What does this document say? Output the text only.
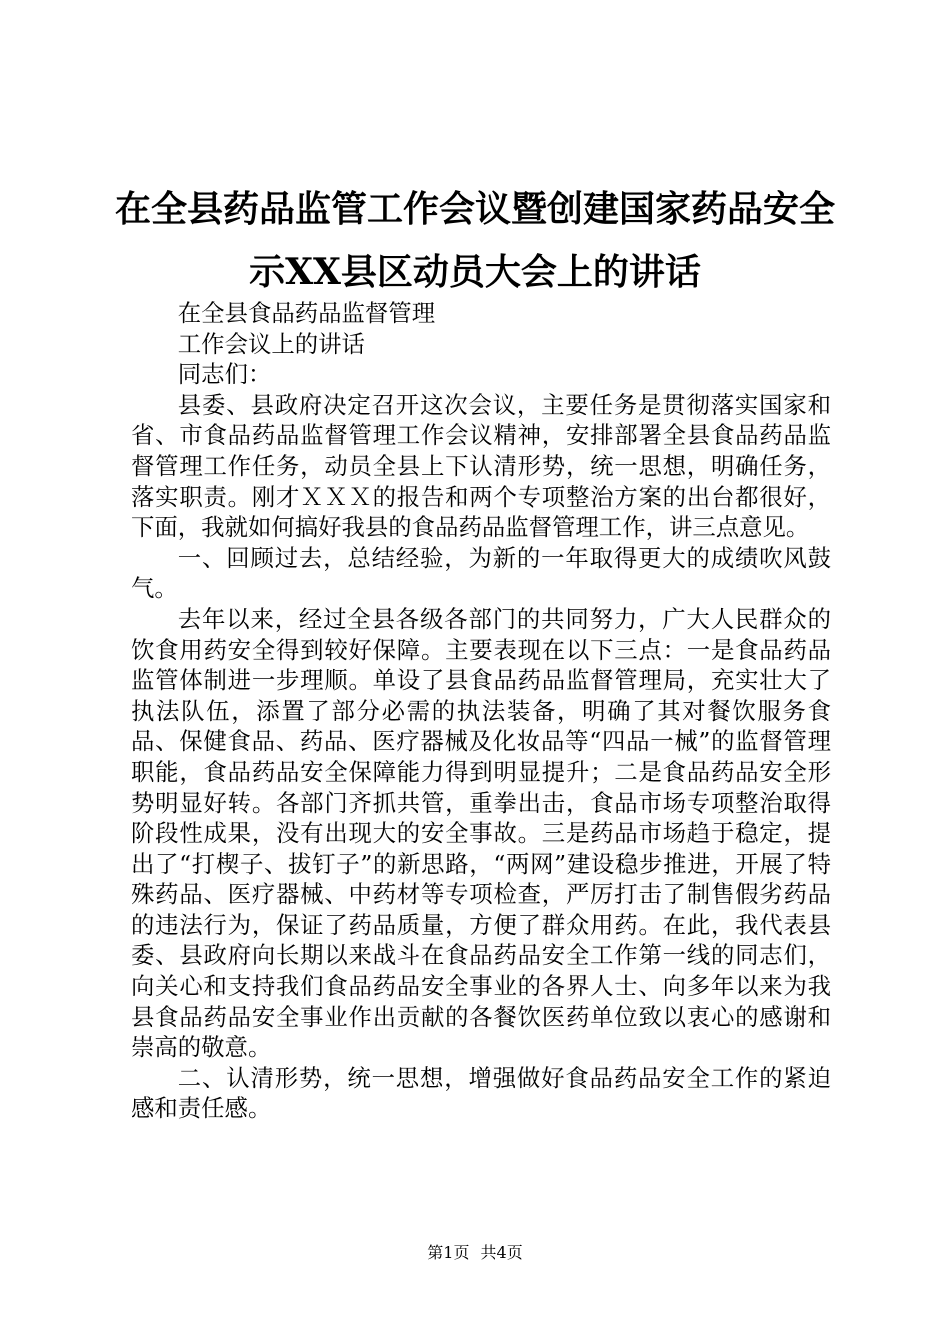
在全县药品监管工作会议暨创建国家药品安全
示XX县区动员大会上的讲话

在全县食品药品监督管理

工作会议上的讲话

同志们：

县委、县政府决定召开这次会议，主要任务是贯彻落实国家和省、市食品药品监督管理工作会议精神，安排部署全县食品药品监督管理工作任务，动员全县上下认清形势，统一思想，明确任务，落实职责。刚才ＸＸＸ的报告和两个专项整治方案的出台都很好，下面，我就如何搞好我县的食品药品监督管理工作，讲三点意见。

一、回顾过去，总结经验，为新的一年取得更大的成绩吹风鼓气。

去年以来，经过全县各级各部门的共同努力，广大人民群众的饮食用药安全得到较好保障。主要表现在以下三点：一是食品药品监管体制进一步理顺。单设了县食品药品监督管理局，充实壮大了执法队伍，添置了部分必需的执法装备，明确了其对餐饮服务食品、保健食品、药品、医疗器械及化妆品等“四品一械”的监督管理职能，食品药品安全保障能力得到明显提升；二是食品药品安全形势明显好转。各部门齐抓共管，重拳出击，食品市场专项整治取得阶段性成果，没有出现大的安全事故。三是药品市场趋于稳定，提出了“打楔子、拔钉子”的新思路，“两网”建设稳步推进，开展了特殊药品、医疗器械、中药材等专项检查，严厉打击了制售假劣药品的违法行为，保证了药品质量，方便了群众用药。在此，我代表县委、县政府向长期以来战斗在食品药品安全工作第一线的同志们，向关心和支持我们食品药品安全事业的各界人士、向多年以来为我县食品药品安全事业作出贡献的各餐饮医药单位致以衷心的感谢和崇高的敬意。

二、认清形势，统一思想，增强做好食品药品安全工作的紧迫感和责任感。

第1页 共4页
